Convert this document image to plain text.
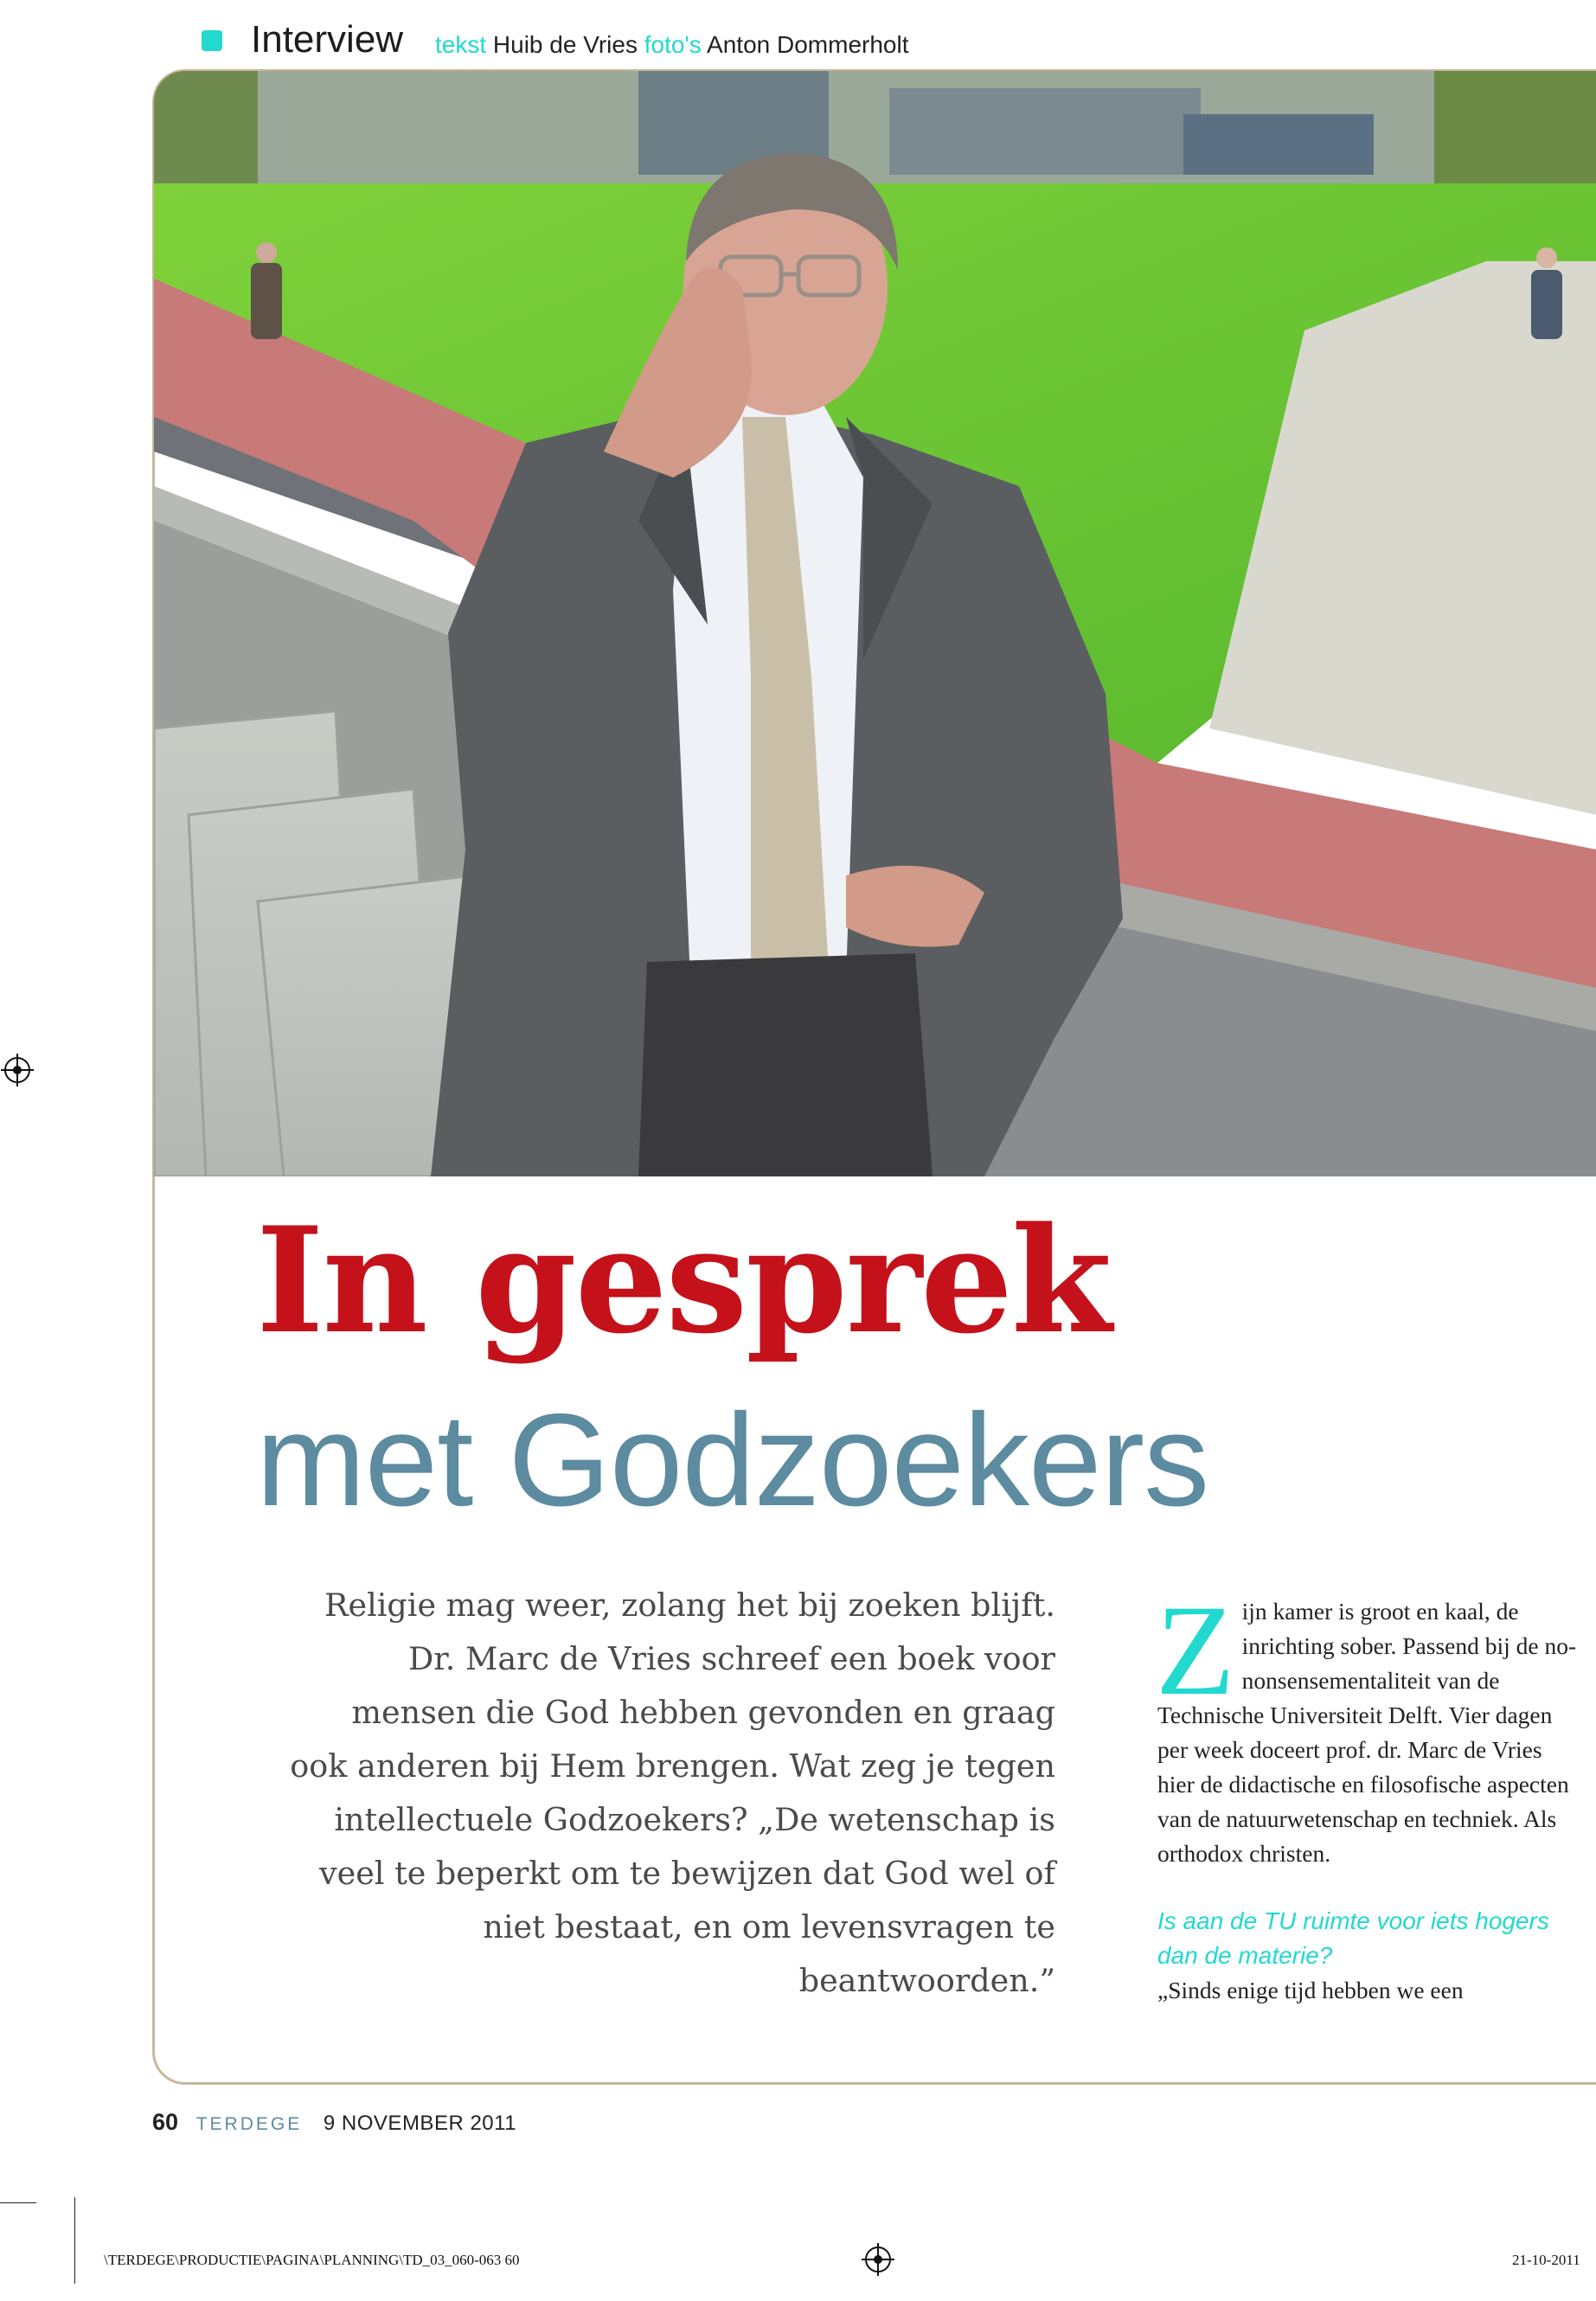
Interview tekst Huib de Vries foto's Anton Dommerholt
In gesprek
met Godzoekers
Religie mag weer, zolang het bij zoeken blijft. Dr. Marc de Vries schreef een boek voor mensen die God hebben gevonden en graag ook anderen bij Hem brengen. Wat zeg je tegen intellectuele Godzoekers? „De wetenschap is veel te beperkt om te bewijzen dat God wel of niet bestaat, en om levensvragen te beantwoorden.”

Zijn kamer is groot en kaal, de inrichting sober. Passend bij de no-nonsensementaliteit van de Technische Universiteit Delft. Vier dagen per week doceert prof. dr. Marc de Vries hier de didactische en filosofische aspecten van de natuurwetenschap en techniek. Als orthodox christen.

Is aan de TU ruimte voor iets hogers dan de materie?

„Sinds enige tijd hebben we een

60 TERDEGE 9 NOVEMBER 2011
\TERDEGE\PRODUCTIE\PAGINA\PLANNING\TD_03_060-063 60	21-10-2011
